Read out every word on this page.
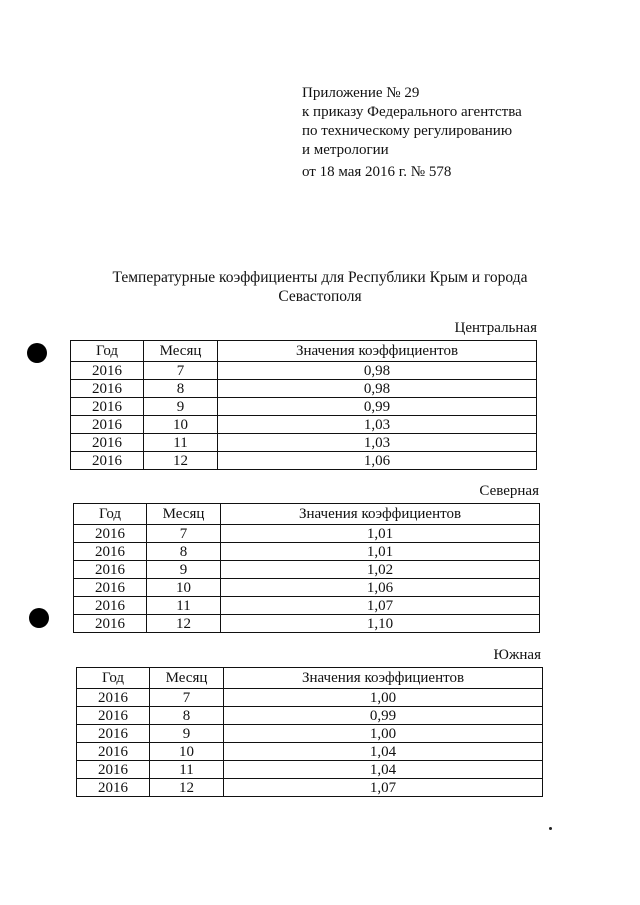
Приложение № 29
к приказу Федерального агентства
по техническому регулированию
и метрологии
от 18 мая 2016 г. № 578
Температурные коэффициенты для Республики Крым и города
Севастополя
Центральная
Год	Месяц	Значения коэффициентов
2016	7	0,98
2016	8	0,98
2016	9	0,99
2016	10	1,03
2016	11	1,03
2016	12	1,06
Северная
Год	Месяц	Значения коэффициентов
2016	7	1,01
2016	8	1,01
2016	9	1,02
2016	10	1,06
2016	11	1,07
2016	12	1,10
Южная
Год	Месяц	Значения коэффициентов
2016	7	1,00
2016	8	0,99
2016	9	1,00
2016	10	1,04
2016	11	1,04
2016	12	1,07
